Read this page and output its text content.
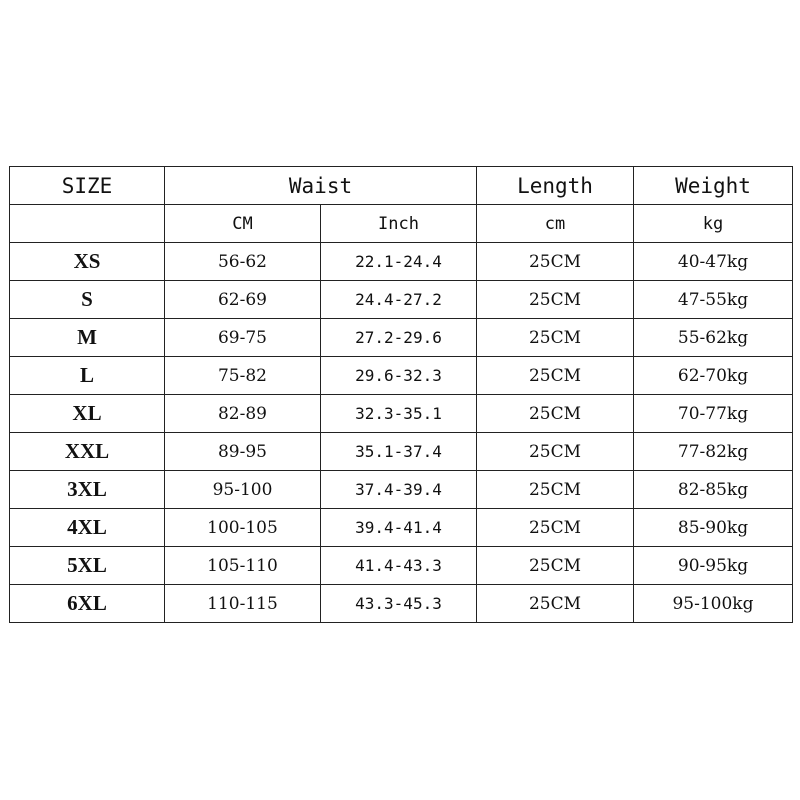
SIZE	Waist		Length	Weight
	CM	Inch	cm	kg
XS	56-62	22.1-24.4	25CM	40-47kg
S	62-69	24.4-27.2	25CM	47-55kg
M	69-75	27.2-29.6	25CM	55-62kg
L	75-82	29.6-32.3	25CM	62-70kg
XL	82-89	32.3-35.1	25CM	70-77kg
XXL	89-95	35.1-37.4	25CM	77-82kg
3XL	95-100	37.4-39.4	25CM	82-85kg
4XL	100-105	39.4-41.4	25CM	85-90kg
5XL	105-110	41.4-43.3	25CM	90-95kg
6XL	110-115	43.3-45.3	25CM	95-100kg
